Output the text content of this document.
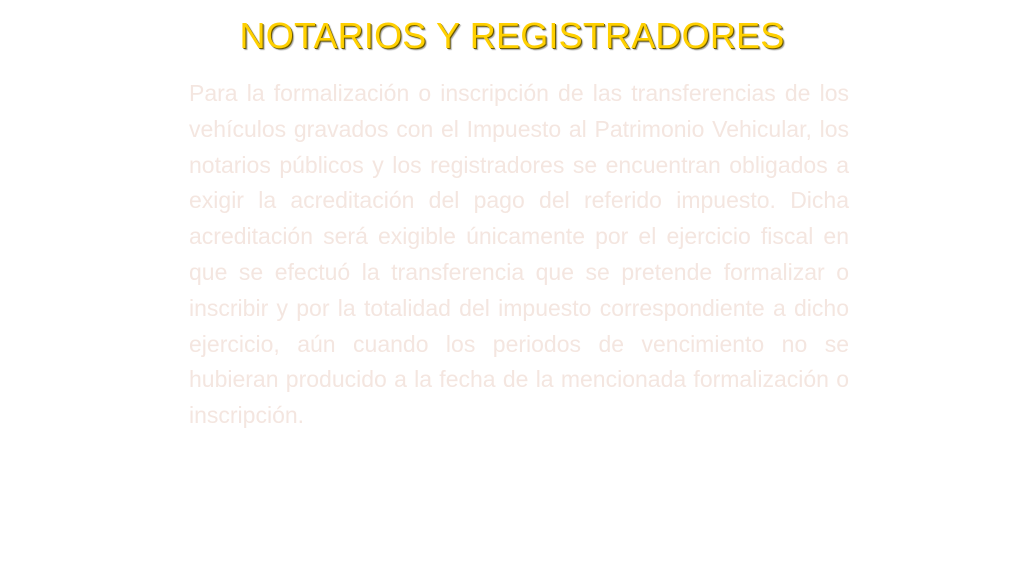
NOTARIOS Y REGISTRADORES

Para la formalización o inscripción de las transferencias de los vehículos gravados con el Impuesto al Patrimonio Vehicular, los notarios públicos y los registradores se encuentran obligados a exigir la acreditación del pago del referido impuesto. Dicha acreditación será exigible únicamente por el ejercicio fiscal en que se efectuó la transferencia que se pretende formalizar o inscribir y por la totalidad del impuesto correspondiente a dicho ejercicio, aún cuando los periodos de vencimiento no se hubieran producido a la fecha de la mencionada formalización o inscripción.
